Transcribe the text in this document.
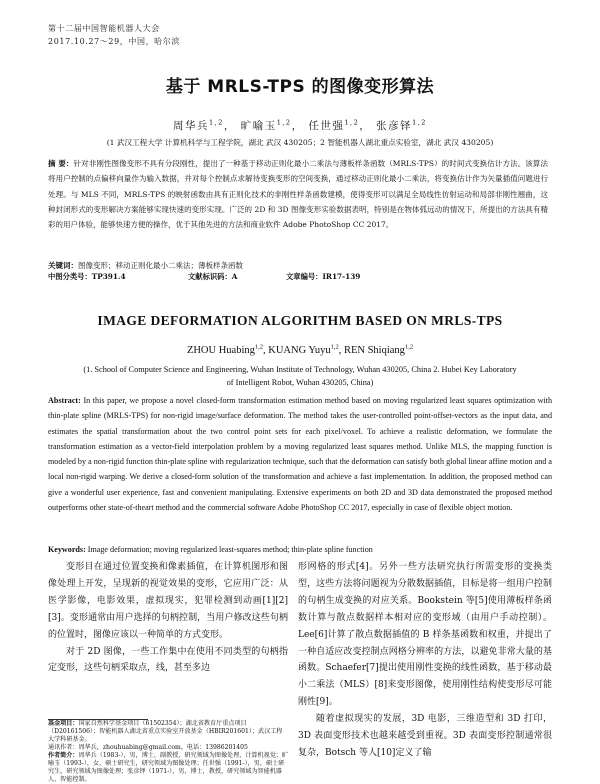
第十二届中国智能机器人大会
2017.10.27～29，中国，哈尔滨
基于 MRLS-TPS 的图像变形算法
周华兵$^{1,2}$， 旷喻玉$^{1,2}$， 任世强$^{1,2}$， 张彦铎$^{1,2}$
(1 武汉工程大学 计算机科学与工程学院，湖北 武汉 430205；2 智能机器人湖北重点实验室，湖北 武汉 430205)
摘 要：针对非刚性图像变形不具有分段刚性，提出了一种基于移动正则化最小二乘法与薄板样条函数（MRLS-TPS）的时间式变换估计方法。该算法将用户控制的点偏移向量作为输入数据，并对每个控制点求解待变换变形的空间变换，通过移动正则化最小二乘法，将变换估计作为矢量插值问题进行处理。与 MLS 不同，MRLS-TPS 的映射函数由具有正则化技术的非刚性样条函数建模，使得变形可以满足全局线性仿射运动和局部非刚性翘曲，这种封闭形式的变形解决方案能够实现快速的变形实现。广泛的 2D 和 3D 图像变形实验数据表明，特别是在物体弧远动的情况下，所提出的方法具有精彩的用户体验，能够快速方便的操作，优于其他先进的方法和商业软件 Adobe PhotoShop CC 2017。
关键词：图像变形；移动正则化最小二乘法；薄板样条函数
中图分类号：TP391.4	文献标识码：A	文章编号：IR17-139
IMAGE DEFORMATION ALGORITHM BASED ON MRLS-TPS
ZHOU Huabing$^{1,2}$, KUANG Yuyu$^{1,2}$, REN Shiqiang$^{1,2}$
(1. School of Computer Science and Engineering, Wuhan Institute of Technology, Wuhan 430205, China 2. Hubei Key Laboratory of Intelligent Robot, Wuhan 430205, China)
Abstract: In this paper, we propose a novel closed-form transformation estimation method based on moving regularized least squares optimization with thin-plate spline (MRLS-TPS) for non-rigid image/surface deformation. The method takes the user-controlled point-offset-vectors as the input data, and estimates the spatial transformation about the two control point sets for each pixel/voxel. To achieve a realistic deformation, we formulate the transformation estimation as a vector-field interpolation problem by a moving regularized least squares method. Unlike MLS, the mapping function is modeled by a non-rigid function thin-plate spline with regularization technique, such that the deformation can satisfy both global linear affine motion and a local non-rigid warping. We derive a closed-form solution of the transformation and achieve a fast implementation. In addition, the proposed method can give a wonderful user experience, fast and convenient manipulating. Extensive experiments on both 2D and 3D data demonstrated the proposed method outperforms other state-of-theart method and the commercial software Adobe PhotoShop CC 2017, especially in case of flexible object motion.
Keywords: Image deformation; moving regularized least-squares method; thin-plate spline function

变形目在通过位置变换和像素插值，在计算机图形和图像处理上开发，呈现新的视觉效果的变形，它应用广泛：从医学影像，电影效果，虚拟现实，犯罪检测到动画[1][2][3]。变形通常由用户选择的句柄控制，当用户修改这些句柄的位置时，图像应该以一种简单的方式变形。

对于 2D 图像，一些工作集中在使用不同类型的句柄指定变形，这些句柄采取点，线，甚至多边

形网格的形式[4]。另外一些方法研究执行所需变形的变换类型，这些方法将问题视为分散数据插值，目标是将一组用户控制的句柄生成变换的对应关系。Bookstein 等[5]使用薄板样条函数计算与散点数据样本相对应的变形域（由用户手动控制）。Lee[6]计算了散点数据插值的 B 样条基函数和权重，并提出了一种自适应改变控制点网格分辨率的方法，以避免非常大量的基函数。Schaefer[7]提出使用刚性变换的线性函数，基于移动最小二乘法（MLS）[8]来变形图像，使用刚性结构使变形尽可能刚性[9]。

随着虚拟现实的发展，3D 电影，三维造型和 3D 打印，3D 表面变形技术也越来越受到重视。3D 表面变形控制通常很复杂，Botsch 等人[10]定义了输

基金项目：国家自然科学基金项目（61502354）；湖北省教育厅重点项目（D20161506）；智能机器人湖北省重点实验室开放基金（HBIR201601）；武汉工程大学科研基金。
通讯作者：周华兵，zhouhuabing@gmail.com，电话：13986201405
作者简介：周华兵（1983-），男，博士，副教授，研究领域为图像处理、计算机视觉；旷喻玉（1993-），女，硕士研究生，研究领域为图像处理；任世强（1991-），男，硕士研究生，研究领域为图像处理；张彦铎（1971-），男，博士，教授，研究领域为智能机器人、智能控制。
